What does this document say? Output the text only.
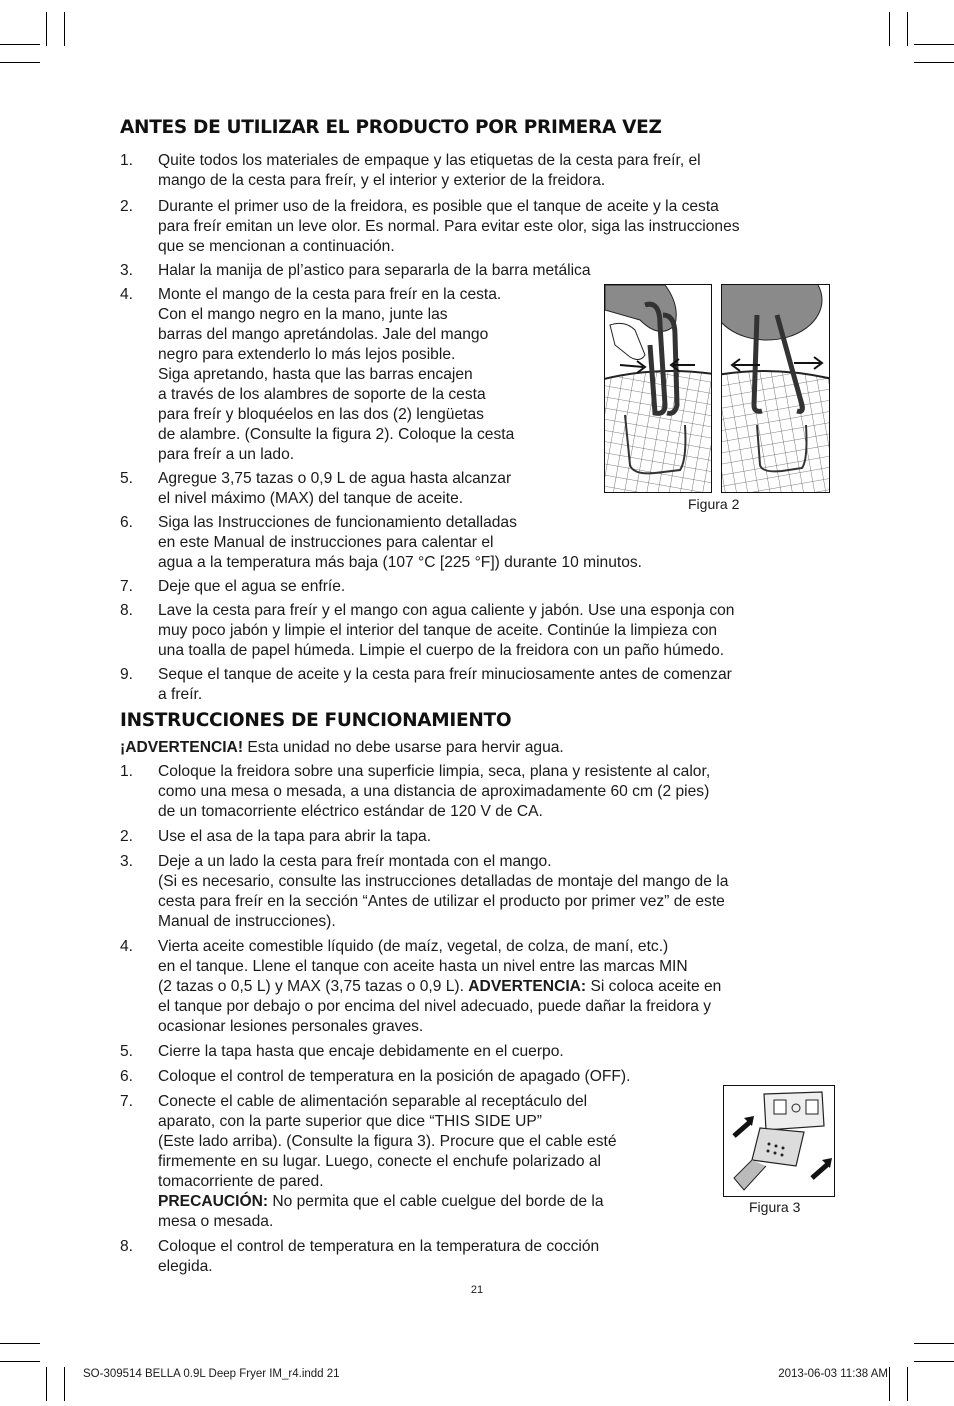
ANTES DE UTILIZAR EL PRODUCTO POR PRIMERA VEZ
1. Quite todos los materiales de empaque y las etiquetas de la cesta para freír, el

mango de la cesta para freír, y el interior y exterior de la freidora.

2. Durante el primer uso de la freidora, es posible que el tanque de aceite y la cesta

para freír emitan un leve olor. Es normal. Para evitar este olor, siga las instrucciones

que se mencionan a continuación.

3. Halar la manija de pl’astico para separarla de la barra metálica

4. Monte el mango de la cesta para freír en la cesta.

Con el mango negro en la mano, junte las

barras del mango apretándolas. Jale del mango

negro para extenderlo lo más lejos posible.

Siga apretando, hasta que las barras encajen

a través de los alambres de soporte de la cesta

para freír y bloquéelos en las dos (2) lengüetas

de alambre. (Consulte la figura 2). Coloque la cesta

para freír a un lado.

5. Agregue 3,75 tazas o 0,9 L de agua hasta alcanzar

el nivel máximo (MAX) del tanque de aceite.

6. Siga las Instrucciones de funcionamiento detalladas

en este Manual de instrucciones para calentar el

agua a la temperatura más baja (107 °C [225 °F]) durante 10 minutos.

7. Deje que el agua se enfríe.

8. Lave la cesta para freír y el mango con agua caliente y jabón. Use una esponja con

muy poco jabón y limpie el interior del tanque de aceite. Continúe la limpieza con

una toalla de papel húmeda. Limpie el cuerpo de la freidora con un paño húmedo.

9. Seque el tanque de aceite y la cesta para freír minuciosamente antes de comenzar

a freír.

Figura 2
INSTRUCCIONES DE FUNCIONAMIENTO

¡ADVERTENCIA! Esta unidad no debe usarse para hervir agua.

1. Coloque la freidora sobre una superficie limpia, seca, plana y resistente al calor,

como una mesa o mesada, a una distancia de aproximadamente 60 cm (2 pies)

de un tomacorriente eléctrico estándar de 120 V de CA.

2. Use el asa de la tapa para abrir la tapa.

3. Deje a un lado la cesta para freír montada con el mango.

(Si es necesario, consulte las instrucciones detalladas de montaje del mango de la

cesta para freír en la sección “Antes de utilizar el producto por primer vez” de este

Manual de instrucciones).

4. Vierta aceite comestible líquido (de maíz, vegetal, de colza, de maní, etc.)

en el tanque. Llene el tanque con aceite hasta un nivel entre las marcas MIN

(2 tazas o 0,5 L) y MAX (3,75 tazas o 0,9 L). ADVERTENCIA: Si coloca aceite en

el tanque por debajo o por encima del nivel adecuado, puede dañar la freidora y

ocasionar lesiones personales graves.

5. Cierre la tapa hasta que encaje debidamente en el cuerpo.

6. Coloque el control de temperatura en la posición de apagado (OFF).

7. Conecte el cable de alimentación separable al receptáculo del

aparato, con la parte superior que dice “THIS SIDE UP”

(Este lado arriba). (Consulte la figura 3). Procure que el cable esté

firmemente en su lugar. Luego, conecte el enchufe polarizado al

tomacorriente de pared.

PRECAUCIÓN: No permita que el cable cuelgue del borde de la

mesa o mesada.

8. Coloque el control de temperatura en la temperatura de cocción

elegida.

Figura 3
21
SO-309514 BELLA 0.9L Deep Fryer IM_r4.indd 21	2013-06-03 11:38 AM
